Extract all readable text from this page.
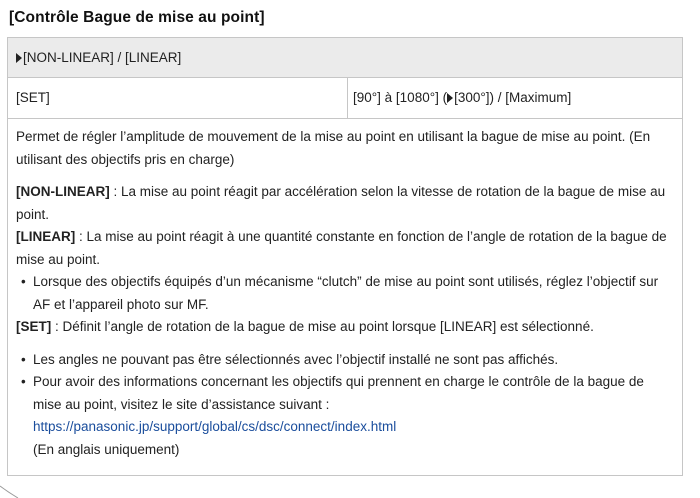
[Contrôle Bague de mise au point]
[NON-LINEAR] / [LINEAR]
[SET]	[90°] à [1080°] ( [300°]) / [Maximum]

Permet de régler l’amplitude de mouvement de la mise au point en utilisant la bague de mise au point. (En utilisant des objectifs pris en charge)

[NON-LINEAR] : La mise au point réagit par accélération selon la vitesse de rotation de la bague de mise au point.

[LINEAR] : La mise au point réagit à une quantité constante en fonction de l’angle de rotation de la bague de mise au point.

• Lorsque des objectifs équipés d’un mécanisme “clutch” de mise au point sont utilisés, réglez l’objectif sur AF et l’appareil photo sur MF.

[SET] : Définit l’angle de rotation de la bague de mise au point lorsque [LINEAR] est sélectionné.

• Les angles ne pouvant pas être sélectionnés avec l’objectif installé ne sont pas affichés.

• Pour avoir des informations concernant les objectifs qui prennent en charge le contrôle de la bague de mise au point, visitez le site d’assistance suivant :

https://panasonic.jp/support/global/cs/dsc/connect/index.html

(En anglais uniquement)
